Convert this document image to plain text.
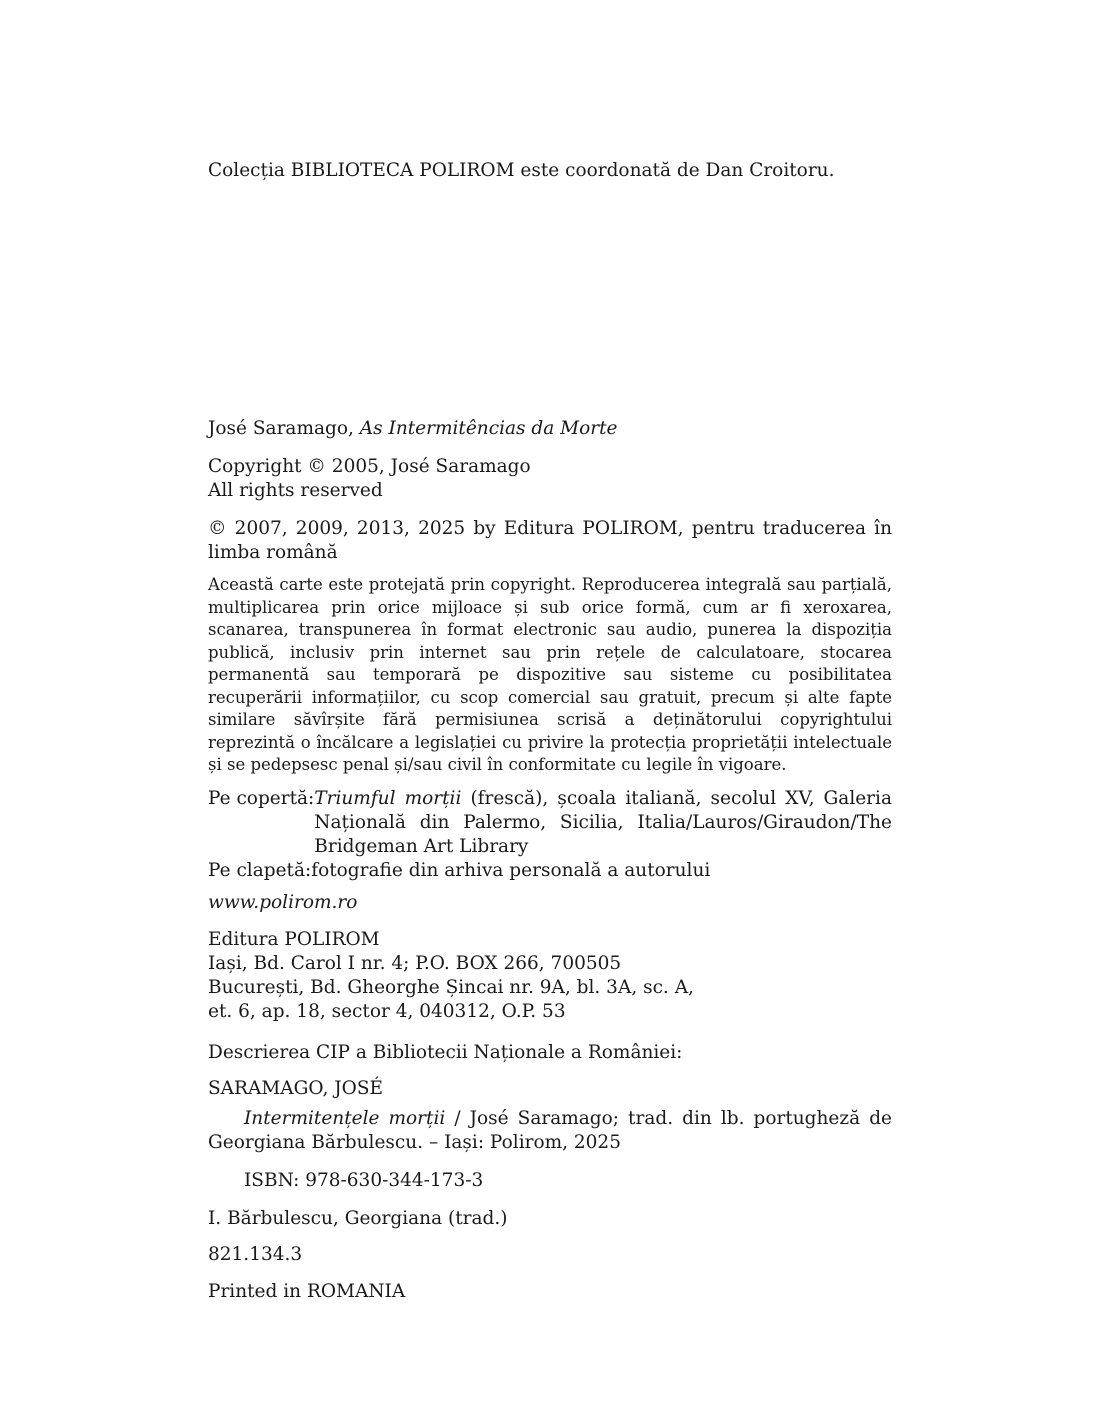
Colecția BIBLIOTECA POLIROM este coordonată de Dan Croitoru.

José Saramago, As Intermitências da Morte

Copyright © 2005, José Saramago
All rights reserved

© 2007, 2009, 2013, 2025 by Editura POLIROM, pentru traducerea în limba română

Această carte este protejată prin copyright. Reproducerea integrală sau parțială, multiplicarea prin orice mijloace și sub orice formă, cum ar fi xeroxarea, scanarea, transpunerea în format electronic sau audio, punerea la dispoziția publică, inclusiv prin internet sau prin rețele de calculatoare, stocarea permanentă sau temporară pe dispozitive sau sisteme cu posibilitatea recuperării informațiilor, cu scop comercial sau gratuit, precum și alte fapte similare săvîrșite fără permisiunea scrisă a deținătorului copyrightului reprezintă o încălcare a legislației cu privire la protecția proprietății intelectuale și se pedepsesc penal și/sau civil în conformitate cu legile în vigoare.

Pe copertă: Triumful morții (frescă), școala italiană, secolul XV, Galeria Națională din Palermo, Sicilia, Italia/Lauros/Giraudon/The Bridgeman Art Library
Pe clapetă: fotografie din arhiva personală a autorului

www.polirom.ro

Editura POLIROM
Iași, Bd. Carol I nr. 4; P.O. BOX 266, 700505
București, Bd. Gheorghe Șincai nr. 9A, bl. 3A, sc. A,
et. 6, ap. 18, sector 4, 040312, O.P. 53

Descrierea CIP a Bibliotecii Naționale a României:

SARAMAGO, JOSÉ

Intermitențele morții / José Saramago; trad. din lb. portugheză de Georgiana Bărbulescu. – Iași: Polirom, 2025

ISBN: 978-630-344-173-3

I. Bărbulescu, Georgiana (trad.)

821.134.3

Printed in ROMANIA
